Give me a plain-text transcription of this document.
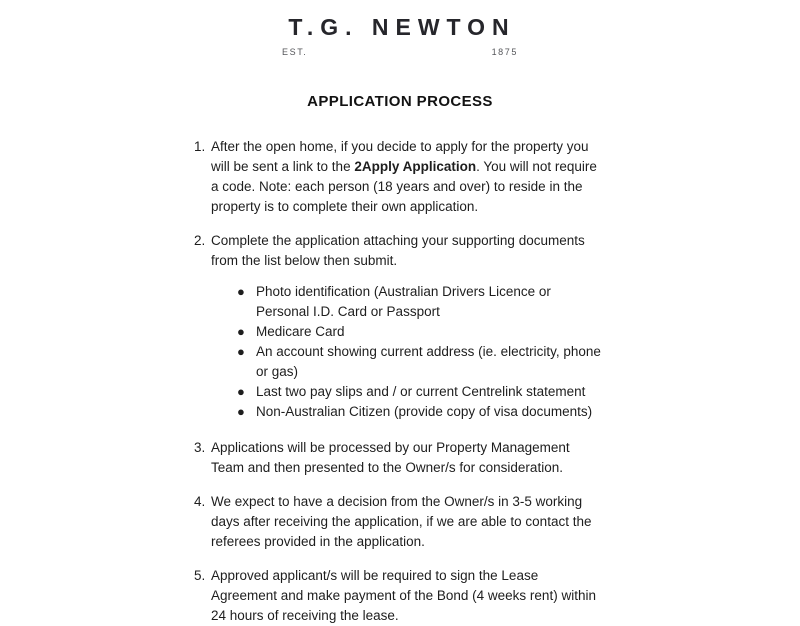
T.G. NEWTON
EST.	1875
APPLICATION PROCESS
1. After the open home, if you decide to apply for the property you will be sent a link to the 2Apply Application. You will not require a code. Note: each person (18 years and over) to reside in the property is to complete their own application.
2. Complete the application attaching your supporting documents from the list below then submit.
● Photo identification (Australian Drivers Licence or Personal I.D. Card or Passport
● Medicare Card
● An account showing current address (ie. electricity, phone or gas)
● Last two pay slips and / or current Centrelink statement
● Non-Australian Citizen (provide copy of visa documents)
3. Applications will be processed by our Property Management Team and then presented to the Owner/s for consideration.
4. We expect to have a decision from the Owner/s in 3-5 working days after receiving the application, if we are able to contact the referees provided in the application.
5. Approved applicant/s will be required to sign the Lease Agreement and make payment of the Bond (4 weeks rent) within 24 hours of receiving the lease.
